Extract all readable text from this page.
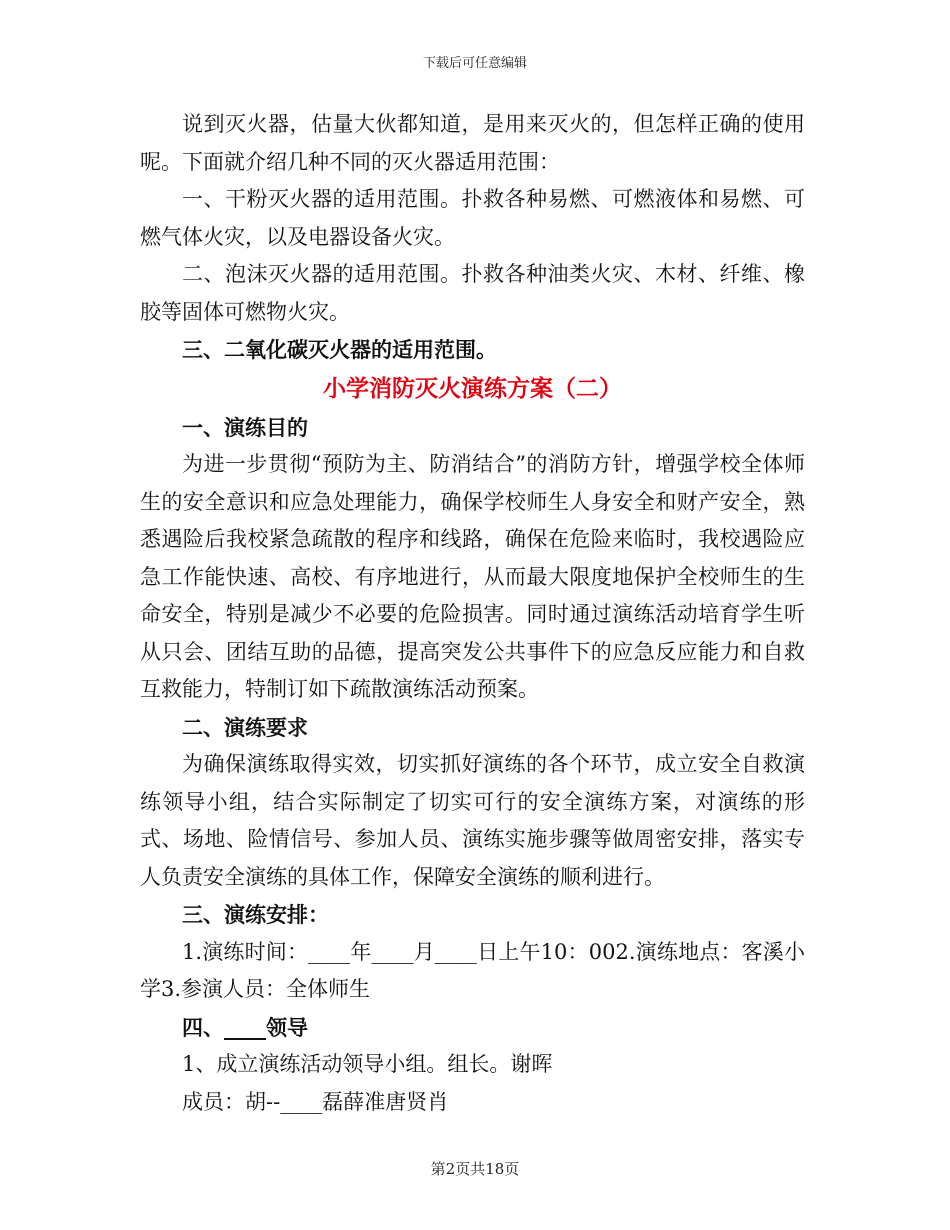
下载后可任意编辑

说到灭火器，估量大伙都知道，是用来灭火的，但怎样正确的使用呢。下面就介绍几种不同的灭火器适用范围：

一、干粉灭火器的适用范围。扑救各种易燃、可燃液体和易燃、可燃气体火灾，以及电器设备火灾。

二、泡沫灭火器的适用范围。扑救各种油类火灾、木材、纤维、橡胶等固体可燃物火灾。

三、二氧化碳灭火器的适用范围。

小学消防灭火演练方案（二）

一、演练目的

为进一步贯彻“预防为主、防消结合”的消防方针，增强学校全体师生的安全意识和应急处理能力，确保学校师生人身安全和财产安全，熟悉遇险后我校紧急疏散的程序和线路，确保在危险来临时，我校遇险应急工作能快速、高校、有序地进行，从而最大限度地保护全校师生的生命安全，特别是减少不必要的危险损害。同时通过演练活动培育学生听从只会、团结互助的品德，提高突发公共事件下的应急反应能力和自救互救能力，特制订如下疏散演练活动预案。

二、演练要求

为确保演练取得实效，切实抓好演练的各个环节，成立安全自救演练领导小组，结合实际制定了切实可行的安全演练方案，对演练的形式、场地、险情信号、参加人员、演练实施步骤等做周密安排，落实专人负责安全演练的具体工作，保障安全演练的顺利进行。

三、演练安排：

1.演练时间：____年____月____日上午10：002.演练地点：客溪小学3.参演人员：全体师生

四、____领导

1、成立演练活动领导小组。组长。谢晖

成员：胡--____磊薛准唐贤肖

第2页共18页
